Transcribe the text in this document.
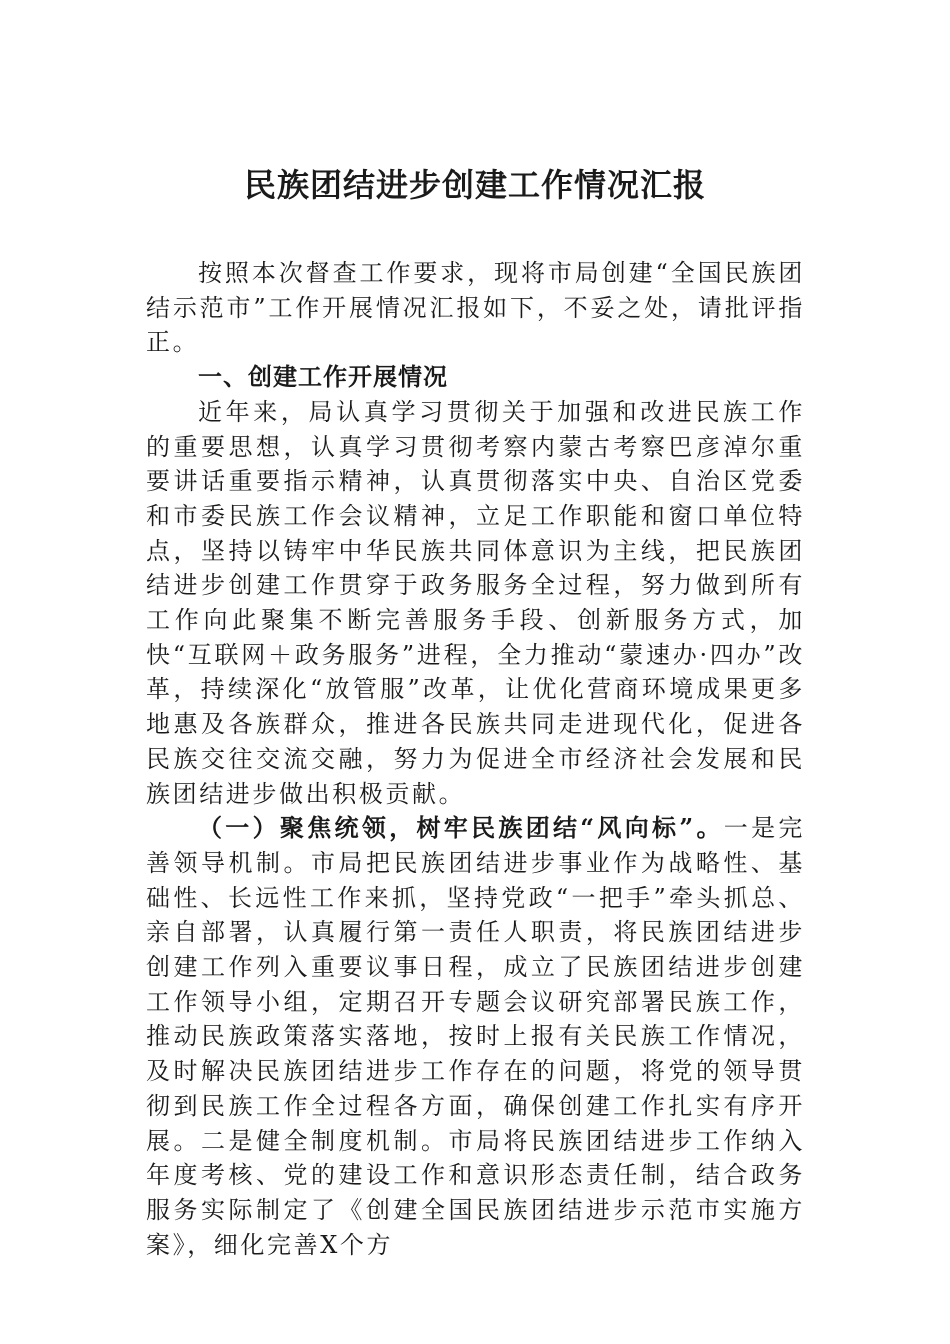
民族团结进步创建工作情况汇报

按照本次督查工作要求，现将市局创建“全国民族团结示范市”工作开展情况汇报如下，不妥之处，请批评指正。

一、创建工作开展情况

近年来，局认真学习贯彻关于加强和改进民族工作的重要思想，认真学习贯彻考察内蒙古考察巴彦淖尔重要讲话重要指示精神，认真贯彻落实中央、自治区党委和市委民族工作会议精神，立足工作职能和窗口单位特点，坚持以铸牢中华民族共同体意识为主线，把民族团结进步创建工作贯穿于政务服务全过程，努力做到所有工作向此聚集不断完善服务手段、创新服务方式，加快“互联网＋政务服务”进程，全力推动“蒙速办·四办”改革，持续深化“放管服”改革，让优化营商环境成果更多地惠及各族群众，推进各民族共同走进现代化，促进各民族交往交流交融，努力为促进全市经济社会发展和民族团结进步做出积极贡献。

（一）聚焦统领，树牢民族团结“风向标”。一是完善领导机制。市局把民族团结进步事业作为战略性、基础性、长远性工作来抓，坚持党政“一把手”牵头抓总、亲自部署，认真履行第一责任人职责，将民族团结进步创建工作列入重要议事日程，成立了民族团结进步创建工作领导小组，定期召开专题会议研究部署民族工作，推动民族政策落实落地，按时上报有关民族工作情况，及时解决民族团结进步工作存在的问题，将党的领导贯彻到民族工作全过程各方面，确保创建工作扎实有序开展。二是健全制度机制。市局将民族团结进步工作纳入年度考核、党的建设工作和意识形态责任制，结合政务服务实际制定了《创建全国民族团结进步示范市实施方案》，细化完善X个方
